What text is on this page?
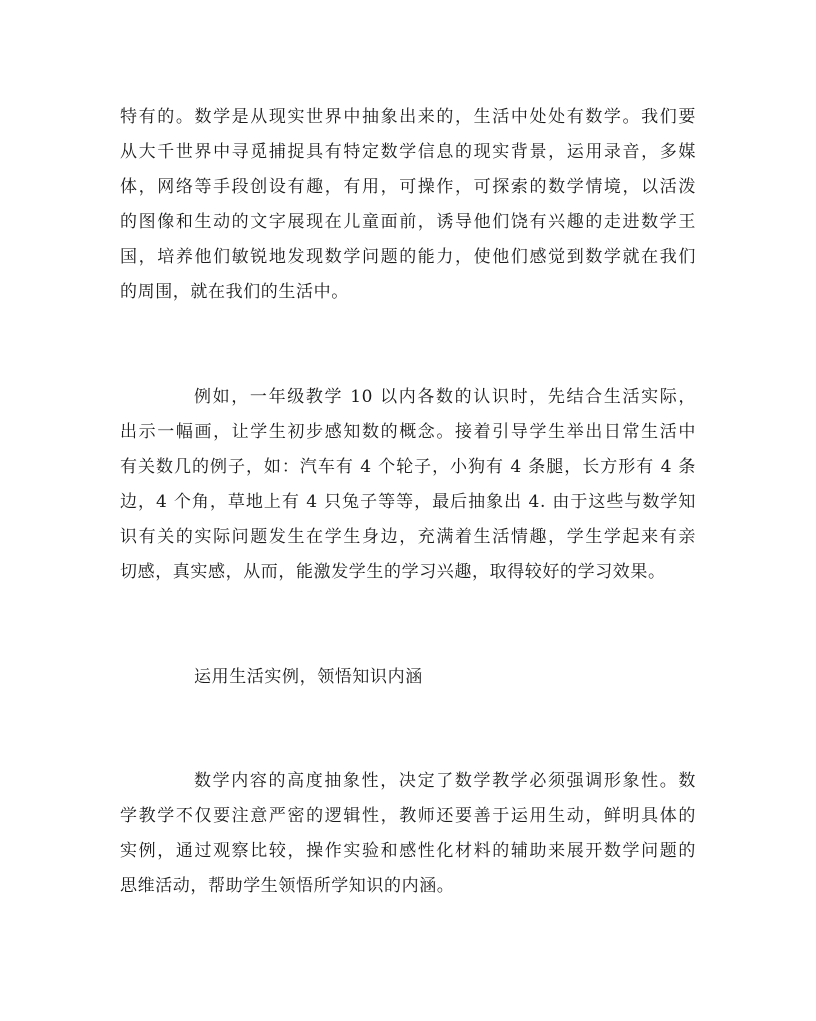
特有的。数学是从现实世界中抽象出来的，生活中处处有数学。我们要
从大千世界中寻觅捕捉具有特定数学信息的现实背景，运用录音，多媒
体，网络等手段创设有趣，有用，可操作，可探索的数学情境，以活泼
的图像和生动的文字展现在儿童面前，诱导他们饶有兴趣的走进数学王
国，培养他们敏锐地发现数学问题的能力，使他们感觉到数学就在我们
的周围，就在我们的生活中。

例如，一年级教学 10 以内各数的认识时，先结合生活实际，
出示一幅画，让学生初步感知数的概念。接着引导学生举出日常生活中
有关数几的例子，如：汽车有 4 个轮子，小狗有 4 条腿，长方形有 4 条
边，4 个角，草地上有 4 只兔子等等，最后抽象出 4. 由于这些与数学知
识有关的实际问题发生在学生身边，充满着生活情趣，学生学起来有亲
切感，真实感，从而，能激发学生的学习兴趣，取得较好的学习效果。

运用生活实例，领悟知识内涵

数学内容的高度抽象性，决定了数学教学必须强调形象性。数
学教学不仅要注意严密的逻辑性，教师还要善于运用生动，鲜明具体的
实例，通过观察比较，操作实验和感性化材料的辅助来展开数学问题的
思维活动，帮助学生领悟所学知识的内涵。
